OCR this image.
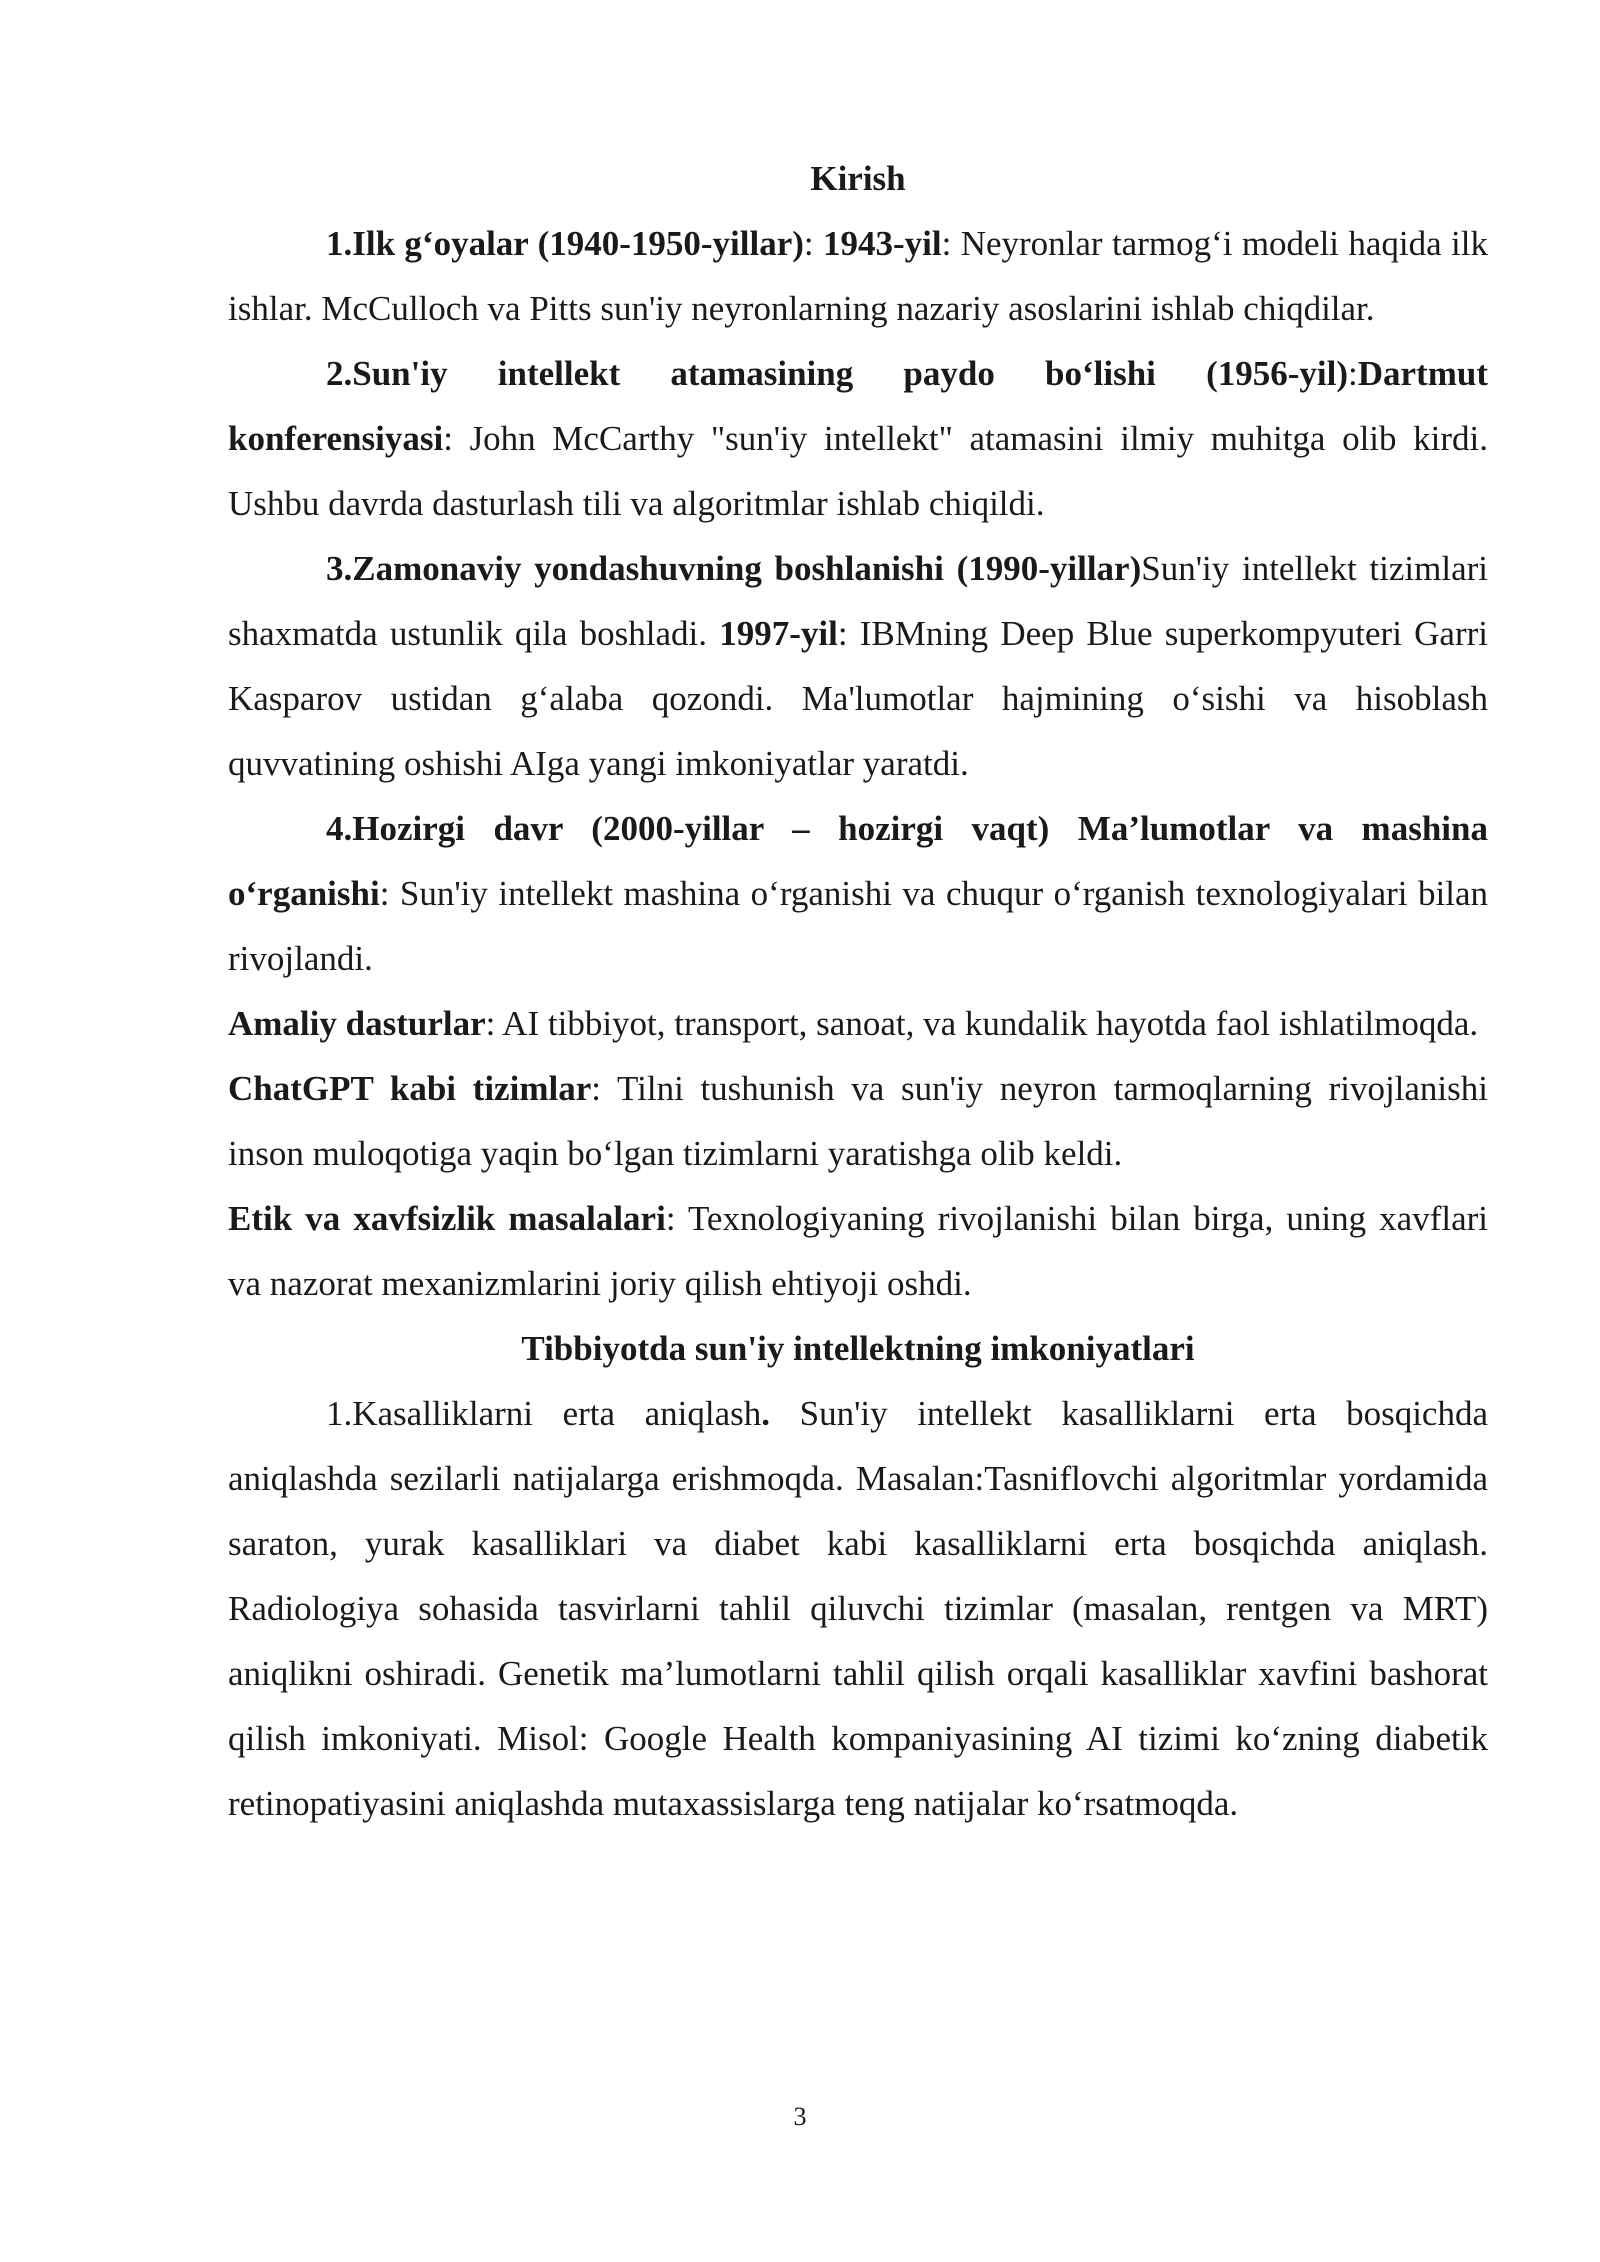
Kirish

1.Ilk g‘oyalar (1940-1950-yillar): 1943-yil: Neyronlar tarmog‘i modeli haqida ilk ishlar. McCulloch va Pitts sun'iy neyronlarning nazariy asoslarini ishlab chiqdilar.

2.Sun'iy intellekt atamasining paydo bo‘lishi (1956-yil):Dartmut konferensiyasi: John McCarthy "sun'iy intellekt" atamasini ilmiy muhitga olib kirdi. Ushbu davrda dasturlash tili va algoritmlar ishlab chiqildi.

3.Zamonaviy yondashuvning boshlanishi (1990-yillar)Sun'iy intellekt tizimlari shaxmatda ustunlik qila boshladi. 1997-yil: IBMning Deep Blue superkompyuteri Garri Kasparov ustidan g‘alaba qozondi. Ma'lumotlar hajmining o‘sishi va hisoblash quvvatining oshishi AIga yangi imkoniyatlar yaratdi.

4.Hozirgi davr (2000-yillar – hozirgi vaqt) Ma’lumotlar va mashina o‘rganishi: Sun'iy intellekt mashina o‘rganishi va chuqur o‘rganish texnologiyalari bilan rivojlandi.

Amaliy dasturlar: AI tibbiyot, transport, sanoat, va kundalik hayotda faol ishlatilmoqda.

ChatGPT kabi tizimlar: Tilni tushunish va sun'iy neyron tarmoqlarning rivojlanishi inson muloqotiga yaqin bo‘lgan tizimlarni yaratishga olib keldi.

Etik va xavfsizlik masalalari: Texnologiyaning rivojlanishi bilan birga, uning xavflari va nazorat mexanizmlarini joriy qilish ehtiyoji oshdi.

Tibbiyotda sun'iy intellektning imkoniyatlari

1.Kasalliklarni erta aniqlash. Sun'iy intellekt kasalliklarni erta bosqichda aniqlashda sezilarli natijalarga erishmoqda. Masalan:Tasniflovchi algoritmlar yordamida saraton, yurak kasalliklari va diabet kabi kasalliklarni erta bosqichda aniqlash. Radiologiya sohasida tasvirlarni tahlil qiluvchi tizimlar (masalan, rentgen va MRT) aniqlikni oshiradi. Genetik ma’lumotlarni tahlil qilish orqali kasalliklar xavfini bashorat qilish imkoniyati. Misol: Google Health kompaniyasining AI tizimi ko‘zning diabetik retinopatiyasini aniqlashda mutaxassislarga teng natijalar ko‘rsatmoqda.

3
